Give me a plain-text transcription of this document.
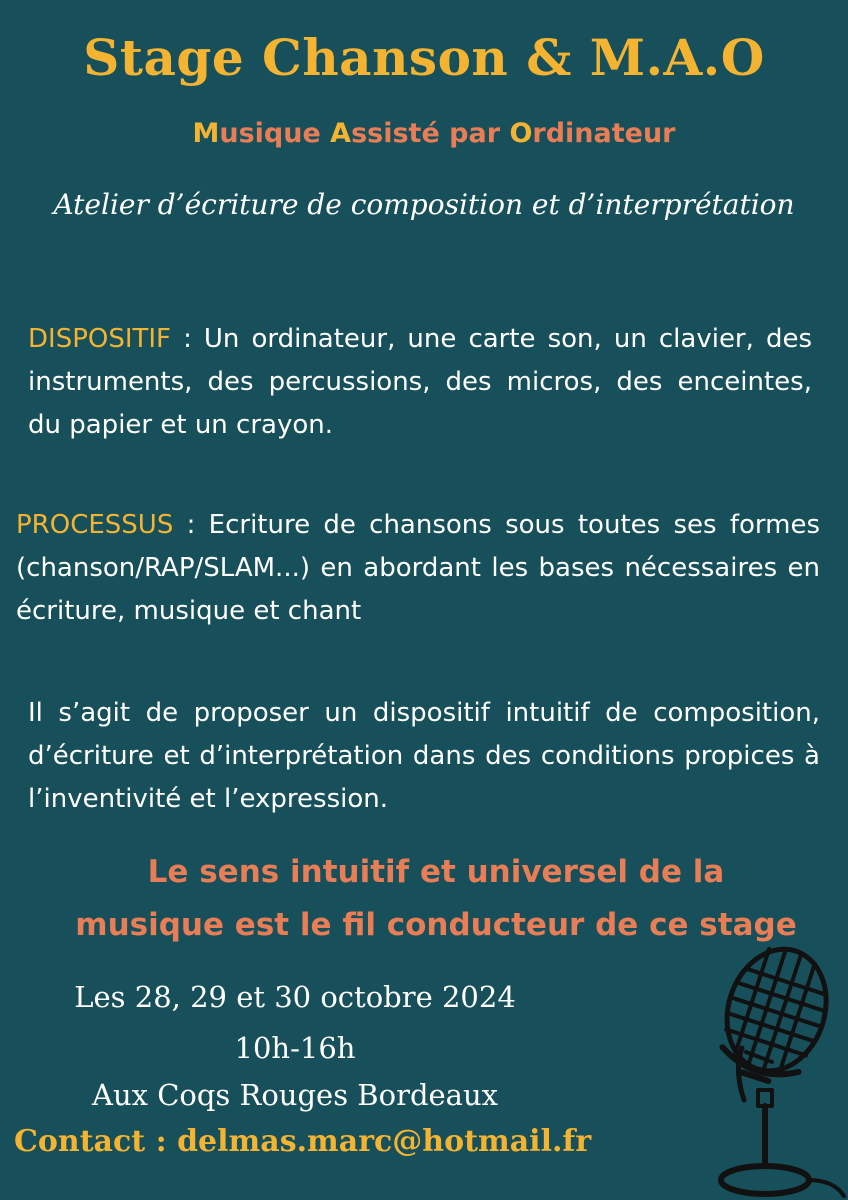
Stage Chanson & M.A.O
Musique Assisté par Ordinateur
Atelier d’écriture de composition et d’interprétation
DISPOSITIF : Un ordinateur, une carte son, un clavier, des instruments, des percussions, des micros, des enceintes, du papier et un crayon.
PROCESSUS : Ecriture de chansons sous toutes ses formes (chanson/RAP/SLAM...) en abordant les bases nécessaires en écriture, musique et chant
Il s’agit de proposer un dispositif intuitif de composition, d’écriture et d’interprétation dans des conditions propices à l’inventivité et l’expression.
Le sens intuitif et universel de la
musique est le fil conducteur de ce stage
Les 28, 29 et 30 octobre 2024
10h-16h
Aux Coqs Rouges Bordeaux
Contact : delmas.marc@hotmail.fr
